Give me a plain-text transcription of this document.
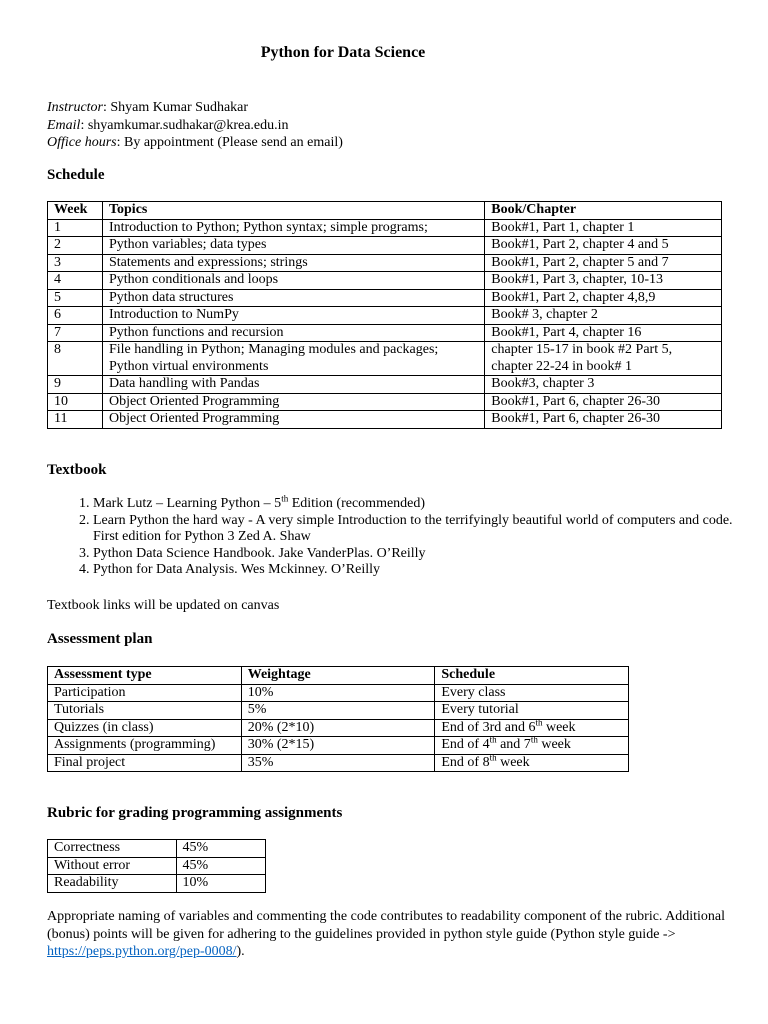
Python for Data Science
Instructor: Shyam Kumar Sudhakar
Email: shyamkumar.sudhakar@krea.edu.in
Office hours: By appointment (Please send an email)
Schedule
Week	Topics	Book/Chapter
1	Introduction to Python; Python syntax; simple programs;	Book#1, Part 1, chapter 1
2	Python variables; data types	Book#1, Part 2, chapter 4 and 5
3	Statements and expressions; strings	Book#1, Part 2, chapter 5 and 7
4	Python conditionals and loops	Book#1, Part 3, chapter, 10-13
5	Python data structures	Book#1, Part 2, chapter 4,8,9
6	Introduction to NumPy	Book# 3, chapter 2
7	Python functions and recursion	Book#1, Part 4, chapter 16
8	File handling in Python; Managing modules and packages; Python virtual environments	chapter 15-17 in book #2 Part 5, chapter 22-24 in book# 1
9	Data handling with Pandas	Book#3, chapter 3
10	Object Oriented Programming	Book#1, Part 6, chapter 26-30
11	Object Oriented Programming	Book#1, Part 6, chapter 26-30
Textbook
1. Mark Lutz – Learning Python – 5th Edition (recommended)
2. Learn Python the hard way - A very simple Introduction to the terrifyingly beautiful world of computers and code. First edition for Python 3 Zed A. Shaw
3. Python Data Science Handbook. Jake VanderPlas. O’Reilly
4. Python for Data Analysis. Wes Mckinney. O’Reilly
Textbook links will be updated on canvas
Assessment plan
Assessment type	Weightage	Schedule
Participation	10%	Every class
Tutorials	5%	Every tutorial
Quizzes (in class)	20% (2*10)	End of 3rd and 6th week
Assignments (programming)	30% (2*15)	End of 4th and 7th week
Final project	35%	End of 8th week
Rubric for grading programming assignments
Correctness	45%
Without error	45%
Readability	10%
Appropriate naming of variables and commenting the code contributes to readability component of the rubric. Additional (bonus) points will be given for adhering to the guidelines provided in python style guide (Python style guide -> https://peps.python.org/pep-0008/).
